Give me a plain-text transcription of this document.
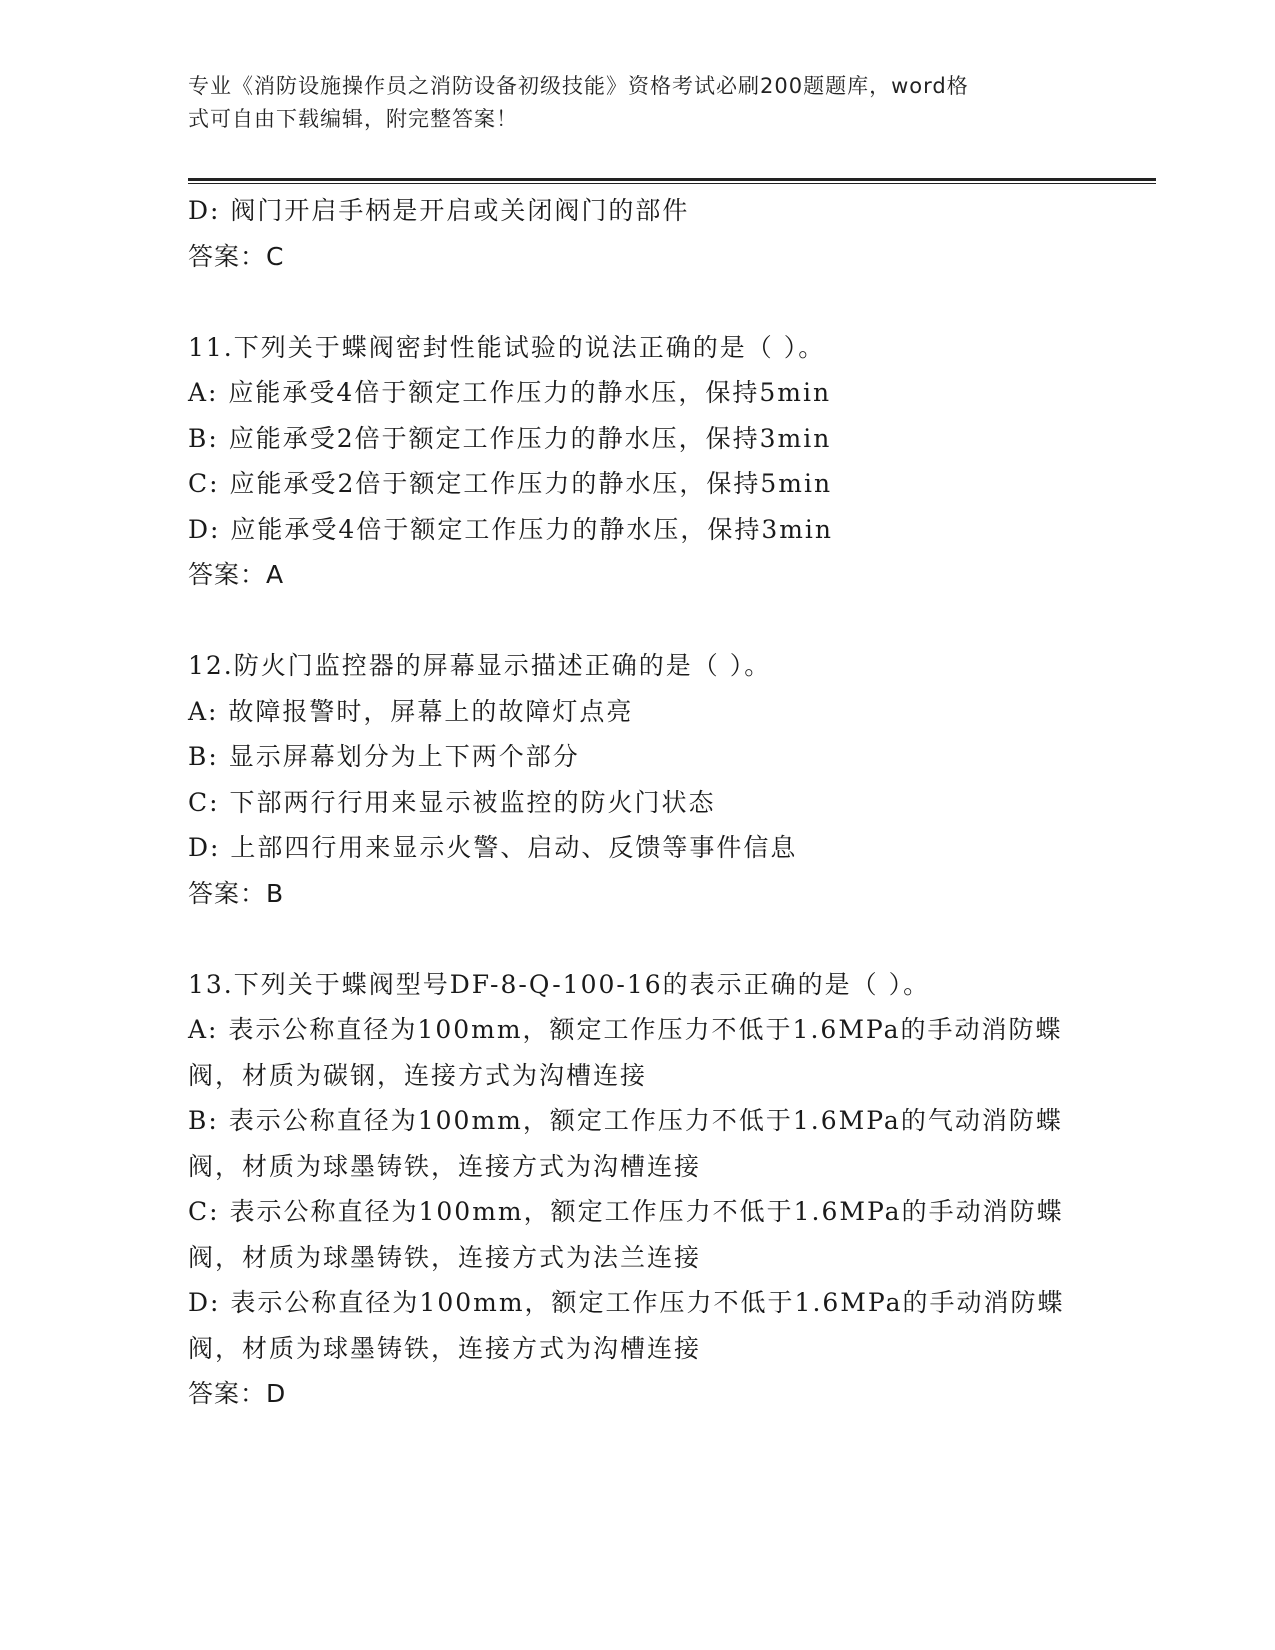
专业《消防设施操作员之消防设备初级技能》资格考试必刷200题题库，word格
式可自由下载编辑，附完整答案！
D: 阀门开启手柄是开启或关闭阀门的部件
答案：C
11.下列关于蝶阀密封性能试验的说法正确的是（ ）。
A: 应能承受4倍于额定工作压力的静水压，保持5min
B: 应能承受2倍于额定工作压力的静水压，保持3min
C: 应能承受2倍于额定工作压力的静水压，保持5min
D: 应能承受4倍于额定工作压力的静水压，保持3min
答案：A
12.防火门监控器的屏幕显示描述正确的是（ ）。
A: 故障报警时，屏幕上的故障灯点亮
B: 显示屏幕划分为上下两个部分
C: 下部两行行用来显示被监控的防火门状态
D: 上部四行用来显示火警、启动、反馈等事件信息
答案：B
13.下列关于蝶阀型号DF-8-Q-100-16的表示正确的是（ ）。
A: 表示公称直径为100mm，额定工作压力不低于1.6MPa的手动消防蝶
阀，材质为碳钢，连接方式为沟槽连接
B: 表示公称直径为100mm，额定工作压力不低于1.6MPa的气动消防蝶
阀，材质为球墨铸铁，连接方式为沟槽连接
C: 表示公称直径为100mm，额定工作压力不低于1.6MPa的手动消防蝶
阀，材质为球墨铸铁，连接方式为法兰连接
D: 表示公称直径为100mm，额定工作压力不低于1.6MPa的手动消防蝶
阀，材质为球墨铸铁，连接方式为沟槽连接
答案：D
